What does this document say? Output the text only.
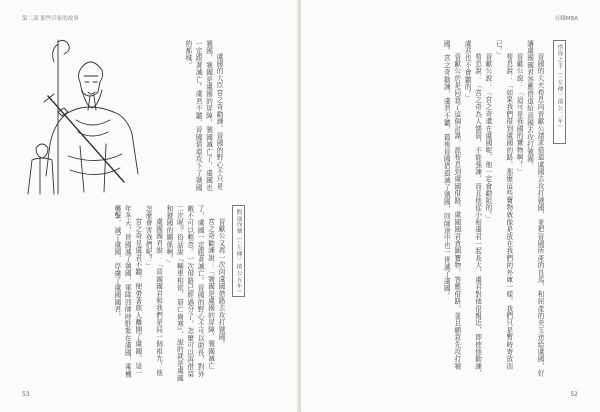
第二部 那些兵家的故事

虞國的大臣宮之奇勸諫，晉國的野心不只是虢國，虢國是虞國的屏障，虢國滅亡了，虞國也一定跟著滅亡。虞君不聽，晉國借道攻下了虢國的都城。

假途伐虢（〈左傳〉僖公五年）

晉獻公又再一次向虞國借路去攻打虢國。

宮之奇勸諫說：「虢國是虞國的屏障，虢國滅亡了，虞國一定跟著滅亡。晉國的野心不可以助長，對外敵不可以輕忽。一次借路已經過分了，怎麼可以再借第二次呢？俗話說『輔車相依，唇亡齒寒』，說的就是虞國和虢國的關係啊。」

虞國國君說：「晉國國君和我們是同一個祖先，他怎麼會害我們呢？」

宮之奇見虞君不聽，便帶著族人離開了虞國。這一年冬天，晉國滅了虢國，軍隊回師時駐紮在虞國，乘機襲擊，滅了虞國，俘虜了虞國國君。

53
在職MBA
借你之手（〈左傳〉僖公二年）

晉國的大夫荀息向晉獻公請求借道虞國去攻打虢國，並把晉國所產的良馬，和屈產的美玉送給虞國，好讓虞國國君答應借道給晉國去攻打虢國。

晉獻公說：「這可是我國的寶物啊！」

荀息說：「如果我們借到虞國的路，那麼這些寶物就像是放在我們的外庫一樣，我們只是暫時寄放而已。」

晉獻公說：「宮之奇還在虞國呢，他一定會勸阻的。」

荀息說：「宮之奇為人懦弱，不能強諫，而且他從小和虞君一起長大，虞君對他很親近，即使他勸諫，虞君也不會聽的。」

晉獻公於是同意了這個計謀，派荀息到虞國借路。虞國國君貪圖寶物，答應借路，並且願意先攻打虢國。宮之奇勸諫，虞君不聽，最後晉國借道滅了虢國，回師途中也一併滅了虞國。

52
